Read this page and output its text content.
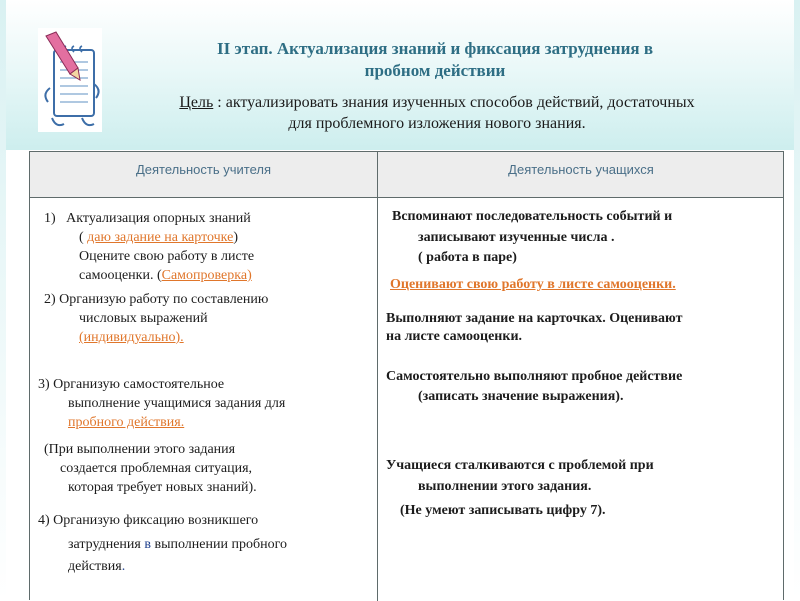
II этап. Актуализация знаний и фиксация затруднения в
пробном действии
Цель : актуализировать знания изученных способов действий, достаточных
для проблемного изложения нового знания.
Деятельность учителя	Деятельность учащихся
1) Актуализация опорных знаний
( даю задание на карточке)
Оцените свою работу в листе
самооценки. (Самопроверка)
2) Организую работу по составлению
числовых выражений
(индивидуально).
3) Организую самостоятельное
выполнение учащимися задания для
пробного действия.
(При выполнении этого задания
создается проблемная ситуация,
которая требует новых знаний).
4) Организую фиксацию возникшего
затруднения в выполнении пробного
действия.
Вспоминают последовательность событий и
записывают изученные числа .
( работа в паре)
Оценивают свою работу в листе самооценки.
Выполняют задание на карточках. Оценивают
на листе самооценки.
Самостоятельно выполняют пробное действие
(записать значение выражения).
Учащиеся сталкиваются с проблемой при
выполнении этого задания.
(Не умеют записывать цифру 7).
